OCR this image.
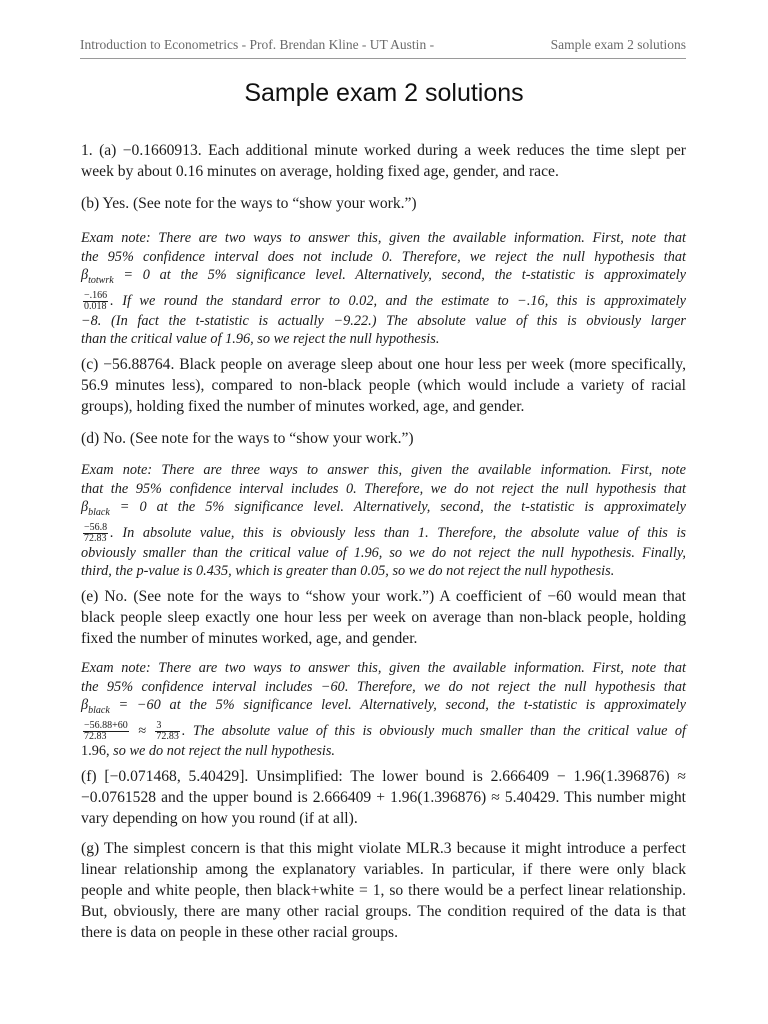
Introduction to Econometrics - Prof. Brendan Kline - UT Austin -	Sample exam 2 solutions
Sample exam 2 solutions
1. (a) −0.1660913. Each additional minute worked during a week reduces the time slept per
week by about 0.16 minutes on average, holding fixed age, gender, and race.
(b) Yes. (See note for the ways to “show your work.”)
Exam note: There are two ways to answer this, given the available information. First, note that
the 95% confidence interval does not include 0. Therefore, we reject the null hypothesis that
$\beta_{totwrk} = 0$ at the 5% significance level. Alternatively, second, the t-statistic is approximately
$\frac{-.166}{0.018}$ . If we round the standard error to 0.02, and the estimate to −.16, this is approximately
−8. (In fact the t-statistic is actually −9.22.) The absolute value of this is obviously larger
than the critical value of 1.96, so we reject the null hypothesis.
(c) −56.88764. Black people on average sleep about one hour less per week (more specifically,
56.9 minutes less), compared to non-black people (which would include a variety of racial
groups), holding fixed the number of minutes worked, age, and gender.
(d) No. (See note for the ways to “show your work.”)
Exam note: There are three ways to answer this, given the available information. First, note
that the 95% confidence interval includes 0. Therefore, we do not reject the null hypothesis that
$\beta_{black} = 0$ at the 5% significance level. Alternatively, second, the t-statistic is approximately
$\frac{-56.8}{72.83}$ . In absolute value, this is obviously less than 1. Therefore, the absolute value of this is
obviously smaller than the critical value of 1.96, so we do not reject the null hypothesis. Finally,
third, the p-value is 0.435, which is greater than 0.05, so we do not reject the null hypothesis.
(e) No. (See note for the ways to “show your work.”) A coefficient of −60 would mean that
black people sleep exactly one hour less per week on average than non-black people, holding
fixed the number of minutes worked, age, and gender.
Exam note: There are two ways to answer this, given the available information. First, note that
the 95% confidence interval includes −60. Therefore, we do not reject the null hypothesis that
$\beta_{black} = -60$ at the 5% significance level. Alternatively, second, the t-statistic is approximately
$\frac{-56.88+60}{72.83} \approx \frac{3}{72.83}$ . The absolute value of this is obviously much smaller than the critical value of
1.96, so we do not reject the null hypothesis.
(f) [−0.071468, 5.40429]. Unsimplified: The lower bound is 2.666409 − 1.96(1.396876) ≈
−0.0761528 and the upper bound is 2.666409 + 1.96(1.396876) ≈ 5.40429. This number might
vary depending on how you round (if at all).
(g) The simplest concern is that this might violate MLR.3 because it might introduce a perfect
linear relationship among the explanatory variables. In particular, if there were only black
people and white people, then black+white = 1, so there would be a perfect linear relationship.
But, obviously, there are many other racial groups. The condition required of the data is that
there is data on people in these other racial groups.
